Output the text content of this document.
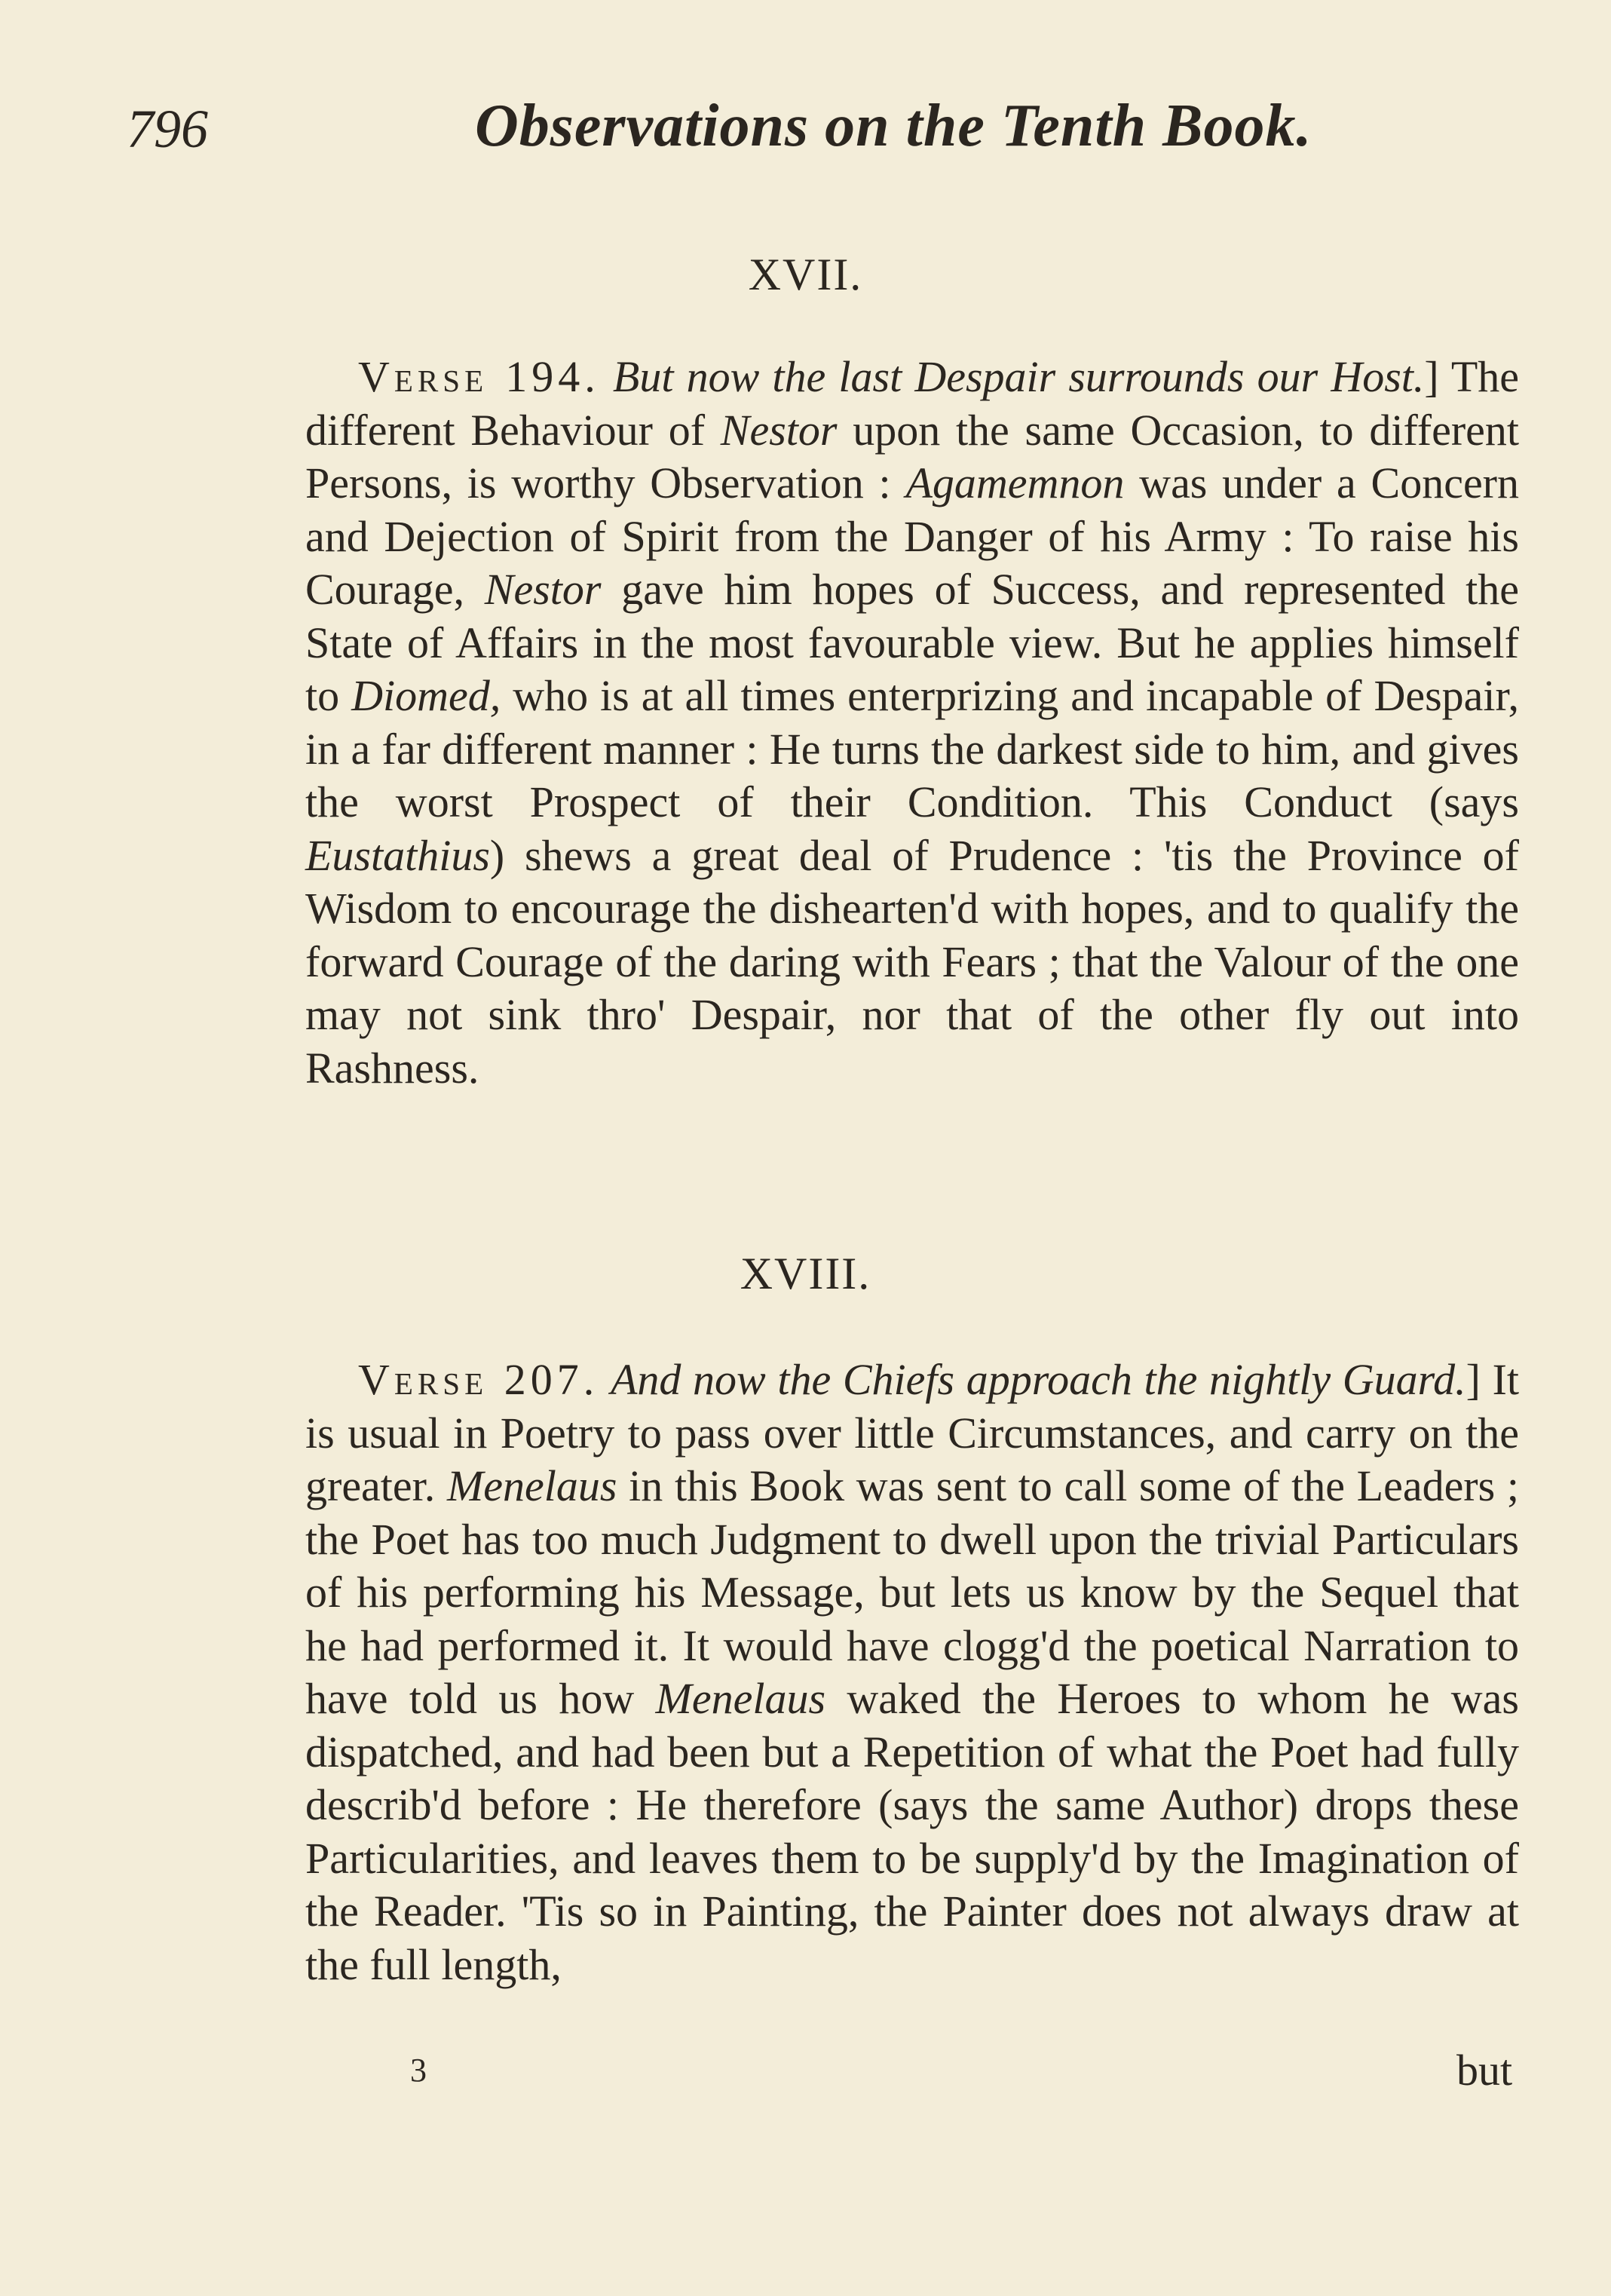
796	Observations on the Tenth Book.
XVII.
Verse 194. But now the last Despair surrounds our Host.] The different Behaviour of Nestor upon the same Occasion, to different Persons, is worthy Observation : Agamemnon was under a Concern and Dejection of Spirit from the Danger of his Army : To raise his Courage, Nestor gave him hopes of Success, and represented the State of Affairs in the most favourable view. But he applies himself to Diomed, who is at all times enterprizing and incapable of Despair, in a far different manner : He turns the darkest side to him, and gives the worst Prospect of their Condition. This Conduct (says Eustathius) shews a great deal of Prudence : 'tis the Province of Wisdom to encourage the dishearten'd with hopes, and to qualify the forward Courage of the daring with Fears ; that the Valour of the one may not sink thro' Despair, nor that of the other fly out into Rashness.
XVIII.
Verse 207. And now the Chiefs approach the nightly Guard.] It is usual in Poetry to pass over little Circumstances, and carry on the greater. Menelaus in this Book was sent to call some of the Leaders ; the Poet has too much Judgment to dwell upon the trivial Particulars of his performing his Message, but lets us know by the Sequel that he had performed it. It would have clogg'd the poetical Narration to have told us how Menelaus waked the Heroes to whom he was dispatched, and had been but a Repetition of what the Poet had fully describ'd before : He therefore (says the same Author) drops these Particularities, and leaves them to be supply'd by the Imagination of the Reader. 'Tis so in Painting, the Painter does not always draw at the full length,
3	but
